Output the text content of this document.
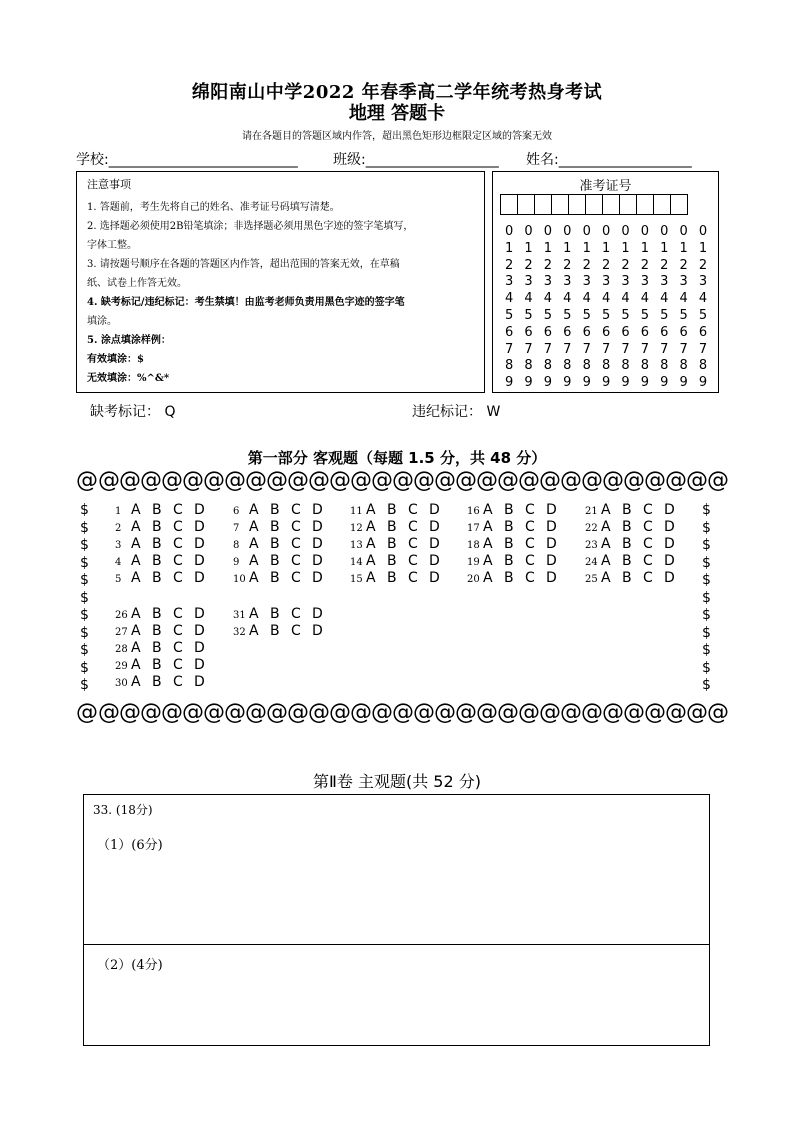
绵阳南山中学2022 年春季高二学年统考热身考试
地理 答题卡
请在各题目的答题区域内作答，超出黑色矩形边框限定区域的答案无效
学校:___________________________	班级:___________________ 姓名:___________________
注意事项
1. 答题前，考生先将自己的姓名、准考证号码填写清楚。
2. 选择题必须使用2B铅笔填涂；非选择题必须用黑色字迹的签字笔填写，
字体工整。
3. 请按题号顺序在各题的答题区内作答，超出范围的答案无效，在草稿
纸、试卷上作答无效。
4. 缺考标记/违纪标记：考生禁填！由监考老师负责用黑色字迹的签字笔
填涂。
5. 涂点填涂样例：
有效填涂：$
无效填涂：%^&*
准考证号
0 0 0 0 0 0 0 0 0 0 0
1 1 1 1 1 1 1 1 1 1 1
2 2 2 2 2 2 2 2 2 2 2
3 3 3 3 3 3 3 3 3 3 3
4 4 4 4 4 4 4 4 4 4 4
5 5 5 5 5 5 5 5 5 5 5
6 6 6 6 6 6 6 6 6 6 6
7 7 7 7 7 7 7 7 7 7 7
8 8 8 8 8 8 8 8 8 8 8
9 9 9 9 9 9 9 9 9 9 9
缺考标记： Q	违纪标记： W
第一部分 客观题（每题 1.5 分，共 48 分）
@ @@@@@@@@@@@@@@@@@@@@@@@@@@@@@ @
$
$
$
$
$
$
$
$
$
$
$
$
$
$
$
$
$
$
$
$
$
$
1 A B C D
2 A B C D
3 A B C D
4 A B C D
5 A B C D
6 A B C D
7 A B C D
8 A B C D
9 A B C D
10 A B C D
11 A B C D
12 A B C D
13 A B C D
14 A B C D
15 A B C D
16 A B C D
17 A B C D
18 A B C D
19 A B C D
20 A B C D
21 A B C D
22 A B C D
23 A B C D
24 A B C D
25 A B C D
26 A B C D
27 A B C D
28 A B C D
29 A B C D
30 A B C D
31 A B C D
32 A B C D
@ @@@@@@@@@@@@@@@@@@@@@@@@@@@@@ @
第Ⅱ卷 主观题(共 52 分)
33. (18分)
（1）(6分)
（2）(4分)
